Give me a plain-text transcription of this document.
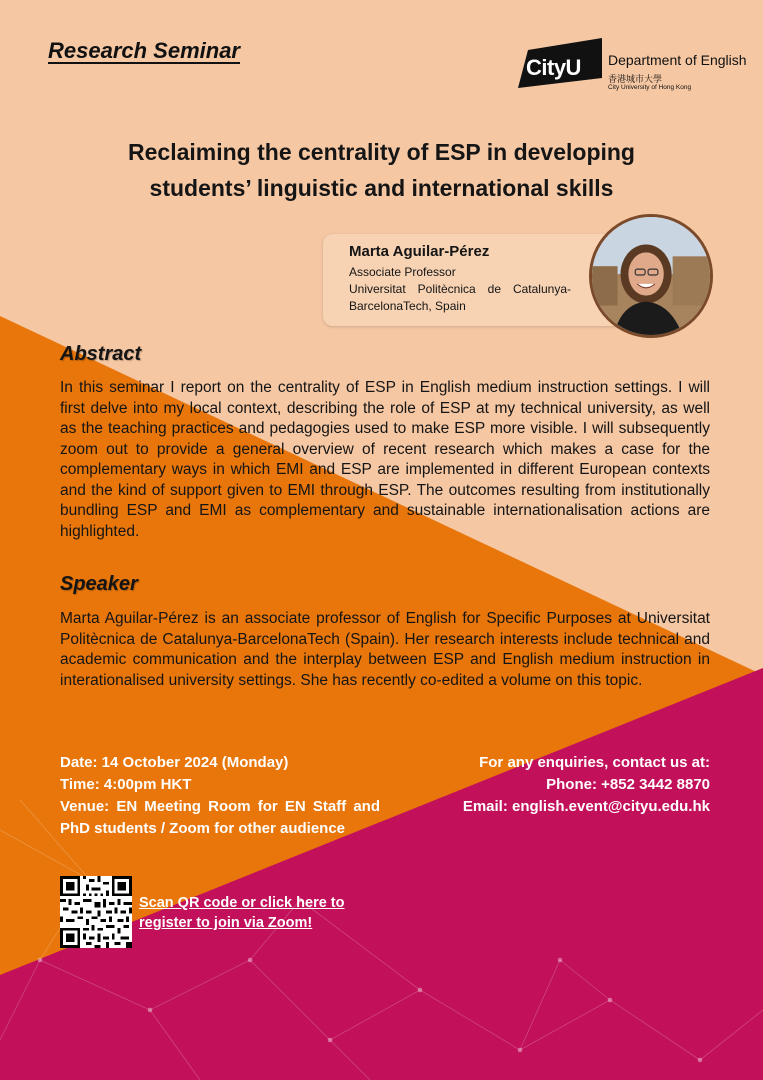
Research Seminar
CityU Department of English
香港城市大學
City University of Hong Kong
Reclaiming the centrality of ESP in developing
students’ linguistic and international skills
Marta Aguilar-Pérez
Associate Professor
Universitat Politècnica de Catalunya-BarcelonaTech, Spain
Abstract
In this seminar I report on the centrality of ESP in English medium instruction settings. I will first delve into my local context, describing the role of ESP at my technical university, as well as the teaching practices and pedagogies used to make ESP more visible. I will subsequently zoom out to provide a general overview of recent research which makes a case for the complementary ways in which EMI and ESP are implemented in different European contexts and the kind of support given to EMI through ESP. The outcomes resulting from institutionally bundling ESP and EMI as complementary and sustainable internationalisation actions are highlighted.
Speaker
Marta Aguilar-Pérez is an associate professor of English for Specific Purposes at Universitat Politècnica de Catalunya-BarcelonaTech (Spain). Her research interests include technical and academic communication and the interplay between ESP and English medium instruction in interationalised university settings. She has recently co-edited a volume on this topic.
Date: 14 October 2024 (Monday)
Time: 4:00pm HKT
Venue: EN Meeting Room for EN Staff and PhD students / Zoom for other audience
For any enquiries, contact us at:
Phone: +852 3442 8870
Email: english.event@cityu.edu.hk
Scan QR code or click here to register to join via Zoom!
